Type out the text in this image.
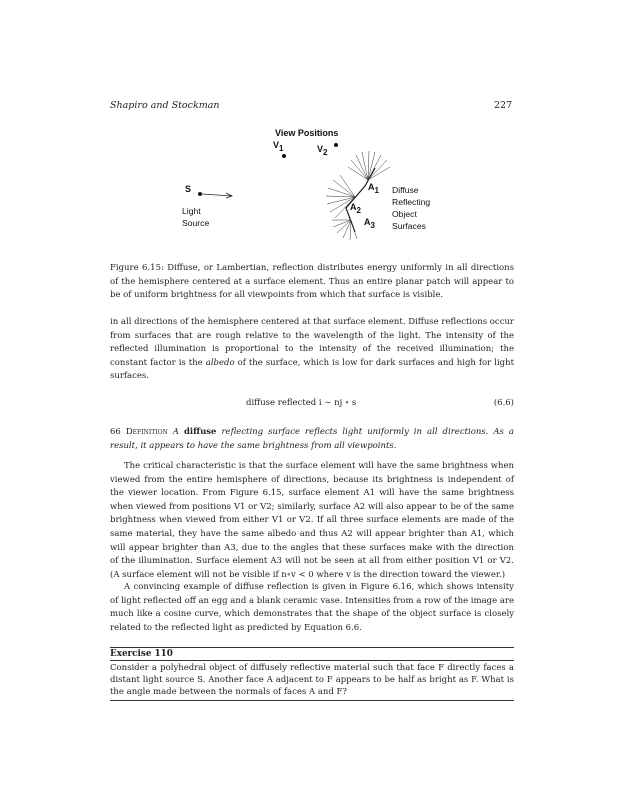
Shapiro and Stockman	227
View Positions
V1	V2
S
Light
Source
A1
A2
A3
Diffuse
Reflecting
Object
Surfaces

Figure 6.15: Diffuse, or Lambertian, reflection distributes energy uniformly in all directions of the hemisphere centered at a surface element. Thus an entire planar patch will appear to be of uniform brightness for all viewpoints from which that surface is visible.

in all directions of the hemisphere centered at that surface element. Diffuse reflections occur from surfaces that are rough relative to the wavelength of the light. The intensity of the reflected illumination is proportional to the intensity of the received illumination; the constant factor is the albedo of the surface, which is low for dark surfaces and high for light surfaces.

diffuse reflected i ∼ nj ∘ s	(6.6)

66 Definition A diffuse reflecting surface reflects light uniformly in all directions. As a result, it appears to have the same brightness from all viewpoints.

The critical characteristic is that the surface element will have the same brightness when viewed from the entire hemisphere of directions, because its brightness is independent of the viewer location. From Figure 6.15, surface element A1 will have the same brightness when viewed from positions V1 or V2; similarly, surface A2 will also appear to be of the same brightness when viewed from either V1 or V2. If all three surface elements are made of the same material, they have the same albedo and thus A2 will appear brighter than A1, which will appear brighter than A3, due to the angles that these surfaces make with the direction of the illumination. Surface element A3 will not be seen at all from either position V1 or V2. (A surface element will not be visible if n∘v < 0 where v is the direction toward the viewer.)

A convincing example of diffuse reflection is given in Figure 6.16, which shows intensity of light reflected off an egg and a blank ceramic vase. Intensities from a row of the image are much like a cosine curve, which demonstrates that the shape of the object surface is closely related to the reflected light as predicted by Equation 6.6.

Exercise 110
Consider a polyhedral object of diffusely reflective material such that face F directly faces a distant light source S. Another face A adjacent to F appears to be half as bright as F. What is the angle made between the normals of faces A and F?
